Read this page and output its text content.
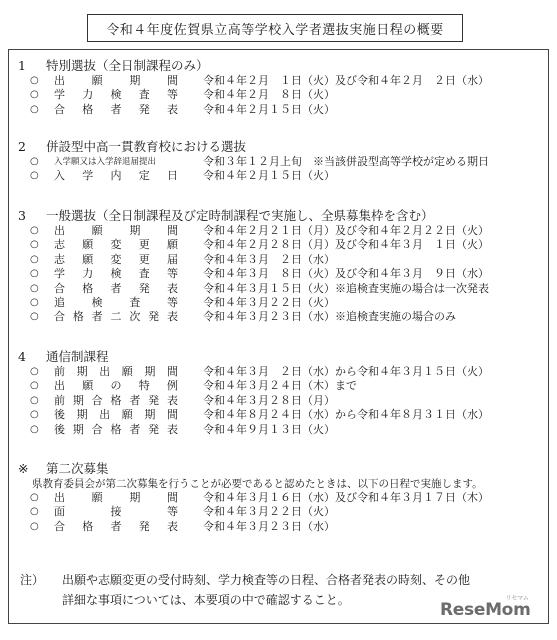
令和４年度佐賀県立高等学校入学者選抜実施日程の概要
1 特別選抜（全日制課程のみ）
○ 出 願 期 間 令和４年２月　１日（火）及び令和４年２月　２日（水）
○ 学 力 検 査 等 令和４年２月　８日（火）
○ 合 格 者 発 表 令和４年２月１５日（火）
2 併設型中高一貫教育校における選抜
○ 入学願又は入学辞退届提出	令和３年１２月上旬　※当該併設型高等学校が定める期日
○ 入 学 内 定 日 令和４年２月１５日（火）
3 一般選抜（全日制課程及び定時制課程で実施し、全県募集枠を含む）
○ 出 願 期 間 令和４年２月２１日（月）及び令和４年２月２２日（火）
○ 志 願 変 更 願 令和４年２月２８日（月）及び令和４年３月　１日（火）
○ 志 願 変 更 届 令和４年３月　２日（水）
○ 学 力 検 査 等 令和４年３月　８日（火）及び令和４年３月　９日（水）
○ 合 格 者 発 表 令和４年３月１５日（火）※追検査実施の場合は一次発表
○ 追 検 査 等 令和４年３月２２日（火）
○ 合 格 者 二 次 発 表 令和４年３月２３日（水）※追検査実施の場合のみ
4 通信制課程
○ 前 期 出 願 期 間 令和４年３月　２日（水）から令和４年３月１５日（火）
○ 出 願 の 特 例 令和４年３月２４日（木）まで
○ 前 期 合 格 者 発 表 令和４年３月２８日（月）
○ 後 期 出 願 期 間 令和４年８月２４日（水）から令和４年８月３１日（水）
○ 後 期 合 格 者 発 表 令和４年９月１３日（火）
※ 第二次募集
県教育委員会が第二次募集を行うことが必要であると認めたときは、以下の日程で実施します。
○ 出 願 期 間 令和４年３月１６日（水）及び令和４年３月１７日（木）
○ 面	接	等 令和４年３月２２日（火）
○ 合 格 者 発 表 令和４年３月２３日（水）
注） 出願や志願変更の受付時刻、学力検査等の日程、合格者発表の時刻、その他
詳細な事項については、本要項の中で確認すること。	ReseMom
リセマム
